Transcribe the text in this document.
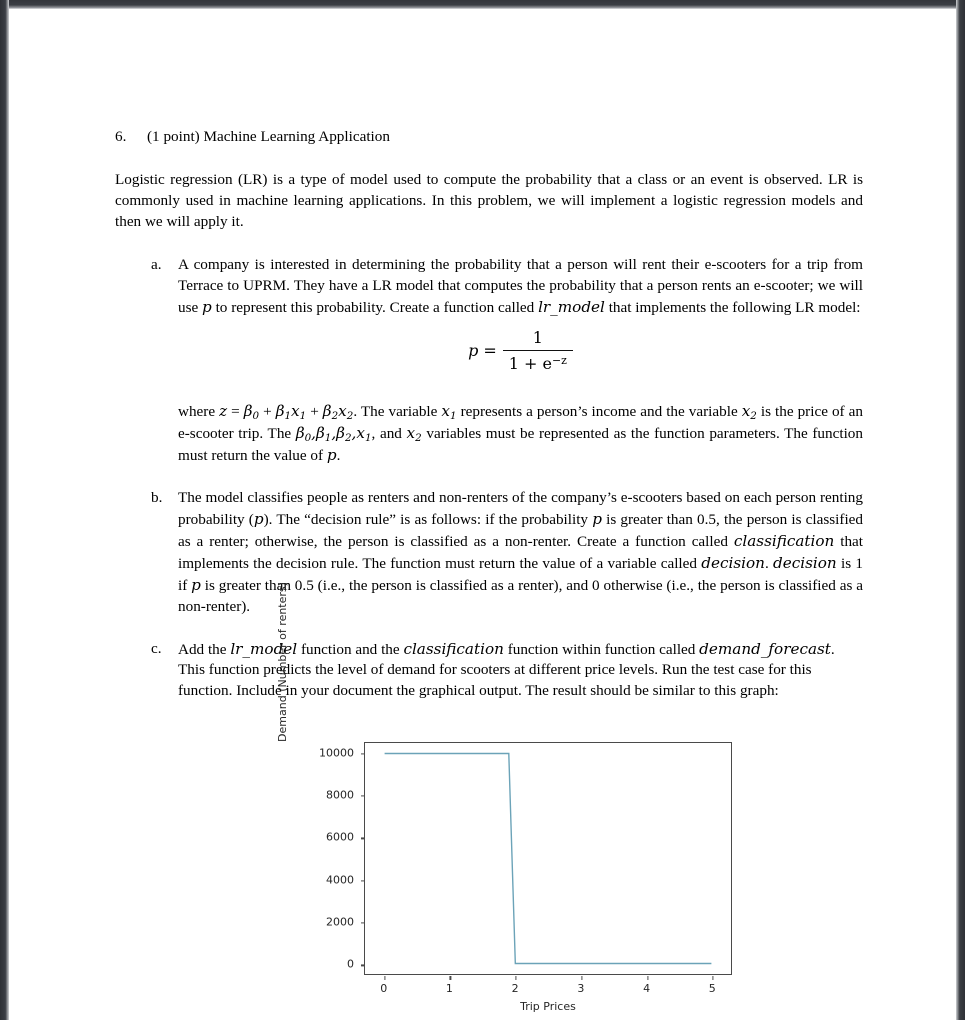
6.	(1 point) Machine Learning Application

Logistic regression (LR) is a type of model used to compute the probability that a class or an event is observed. LR is commonly used in machine learning applications. In this problem, we will implement a logistic regression models and then we will apply it.

a.	A company is interested in determining the probability that a person will rent their e-scooters for a trip from Terrace to UPRM. They have a LR model that computes the probability that a person rents an e-scooter; we will use p to represent this probability. Create a function called lr_model that implements the following LR model:
$p = \frac{1}{1 + e^{-z}}$
where $z = \beta_0 + \beta_1x_1 + \beta_2x_2$. The variable $x_1$ represents a person’s income and the variable $x_2$ is the price of an e-scooter trip. The $\beta_0,\beta_1,\beta_2,x_1$, and $x_2$ variables must be represented as the function parameters. The function must return the value of p.
b.	The model classifies people as renters and non-renters of the company’s e-scooters based on each person renting probability (p). The “decision rule” is as follows: if the probability p is greater than 0.5, the person is classified as a renter; otherwise, the person is classified as a non-renter. Create a function called classification that implements the decision rule. The function must return the value of a variable called decision. decision is 1 if p is greater than 0.5 (i.e., the person is classified as a renter), and 0 otherwise (i.e., the person is classified as a non-renter).
c.	Add the lr_model function and the classification function within function called demand_forecast. This function predicts the level of demand for scooters at different price levels. Run the test case for this function. Include in your document the graphical output. The result should be similar to this graph:
Demand (Number of renters)
0
2000
4000
6000
8000
10000
0	1	2	3	4	5
Trip Prices
